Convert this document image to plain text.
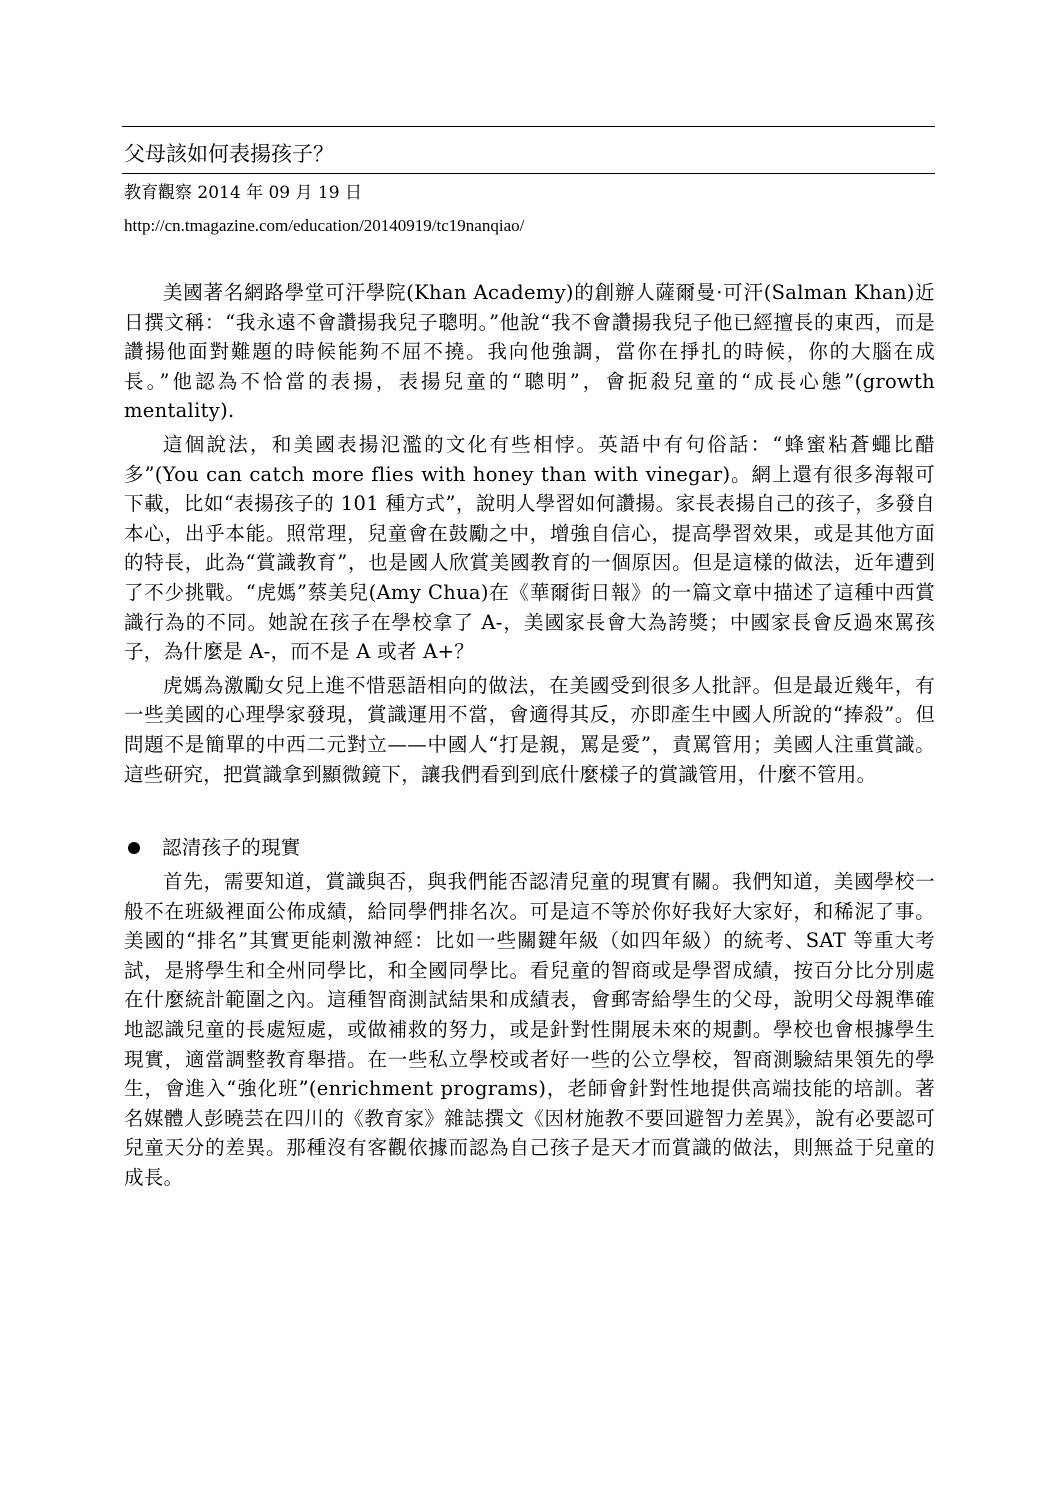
父母該如何表揚孩子？
教育觀察 2014 年 09 月 19 日
http://cn.tmagazine.com/education/20140919/tc19nanqiao/

美國著名網路學堂可汗學院(Khan Academy)的創辦人薩爾曼·可汗(Salman Khan)近日撰文稱：“我永遠不會讚揚我兒子聰明。”他說“我不會讚揚我兒子他已經擅長的東西，而是讚揚他面對難題的時候能夠不屈不撓。我向他強調，當你在掙扎的時候，你的大腦在成長。”他認為不恰當的表揚，表揚兒童的“聰明”，會扼殺兒童的“成長心態”(growth mentality).

這個說法，和美國表揚氾濫的文化有些相悖。英語中有句俗話：“蜂蜜粘蒼蠅比醋多”(You can catch more flies with honey than with vinegar)。網上還有很多海報可下載，比如“表揚孩子的 101 種方式”，說明人學習如何讚揚。家長表揚自己的孩子，多發自本心，出乎本能。照常理，兒童會在鼓勵之中，增強自信心，提高學習效果，或是其他方面的特長，此為“賞識教育”，也是國人欣賞美國教育的一個原因。但是這樣的做法，近年遭到了不少挑戰。“虎媽”蔡美兒(Amy Chua)在《華爾街日報》的一篇文章中描述了這種中西賞識行為的不同。她說在孩子在學校拿了 A-，美國家長會大為誇獎；中國家長會反過來罵孩子，為什麼是 A-，而不是 A 或者 A+？

虎媽為激勵女兒上進不惜惡語相向的做法，在美國受到很多人批評。但是最近幾年，有一些美國的心理學家發現，賞識運用不當，會適得其反，亦即產生中國人所說的“捧殺”。但問題不是簡單的中西二元對立——中國人“打是親，罵是愛”，責罵管用；美國人注重賞識。這些研究，把賞識拿到顯微鏡下，讓我們看到到底什麼樣子的賞識管用，什麼不管用。

認清孩子的現實

首先，需要知道，賞識與否，與我們能否認清兒童的現實有關。我們知道，美國學校一般不在班級裡面公佈成績，給同學們排名次。可是這不等於你好我好大家好，和稀泥了事。美國的“排名”其實更能刺激神經：比如一些關鍵年級（如四年級）的統考、SAT 等重大考試，是將學生和全州同學比，和全國同學比。看兒童的智商或是學習成績，按百分比分別處在什麼統計範圍之內。這種智商測試結果和成績表，會郵寄給學生的父母，說明父母親準確地認識兒童的長處短處，或做補救的努力，或是針對性開展未來的規劃。學校也會根據學生現實，適當調整教育舉措。在一些私立學校或者好一些的公立學校，智商測驗結果領先的學生，會進入“強化班”(enrichment programs)，老師會針對性地提供高端技能的培訓。著名媒體人彭曉芸在四川的《教育家》雜誌撰文《因材施教不要回避智力差異》，說有必要認可兒童天分的差異。那種沒有客觀依據而認為自己孩子是天才而賞識的做法，則無益于兒童的成長。
